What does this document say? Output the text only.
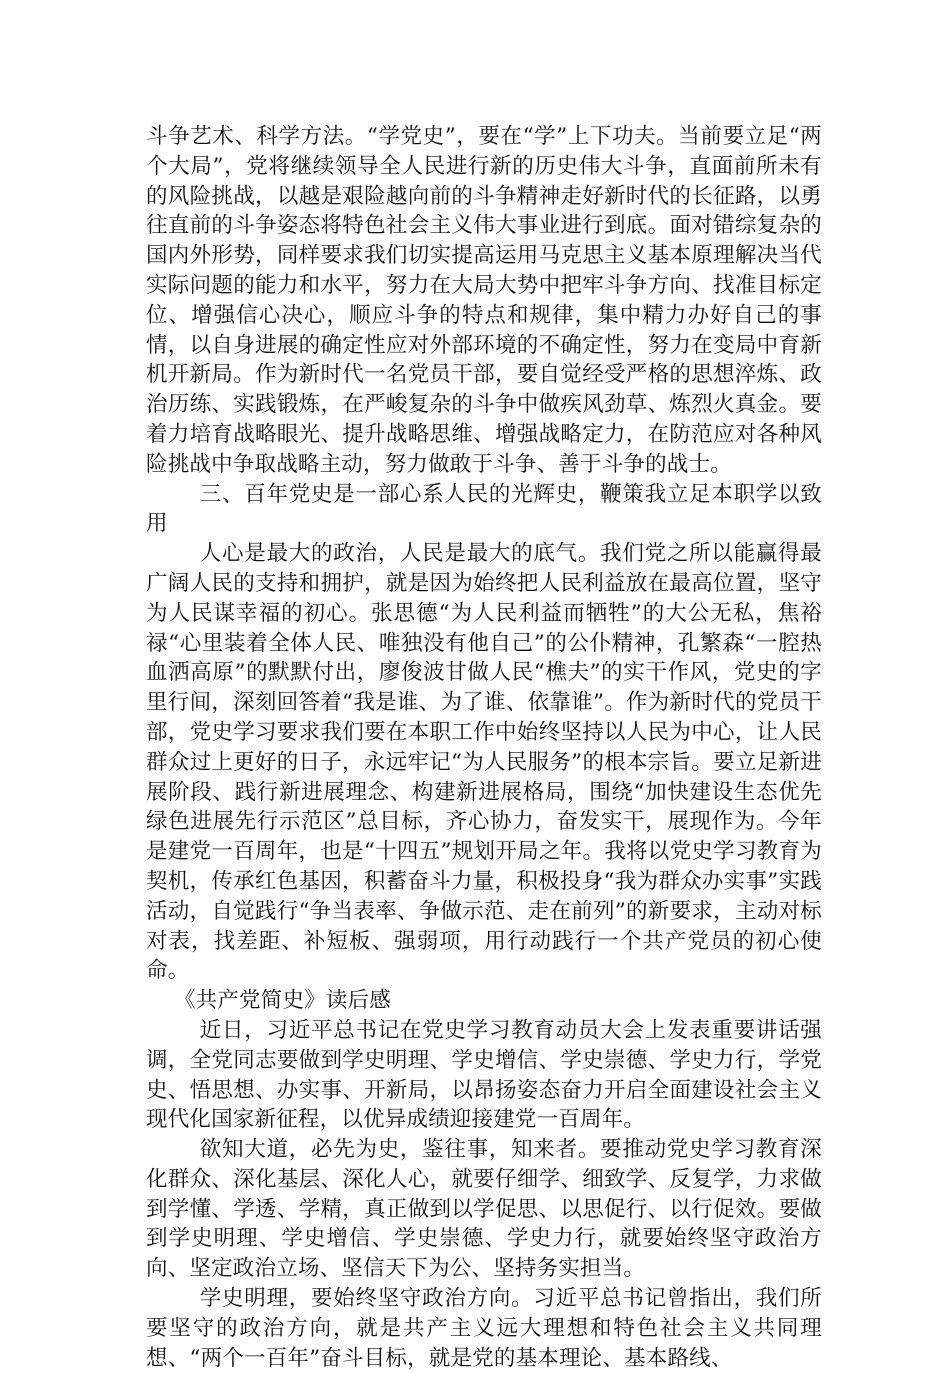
斗争艺术、科学方法。“学党史”，要在“学”上下功夫。当前要立足“两个大局”，党将继续领导全人民进行新的历史伟大斗争，直面前所未有的风险挑战，以越是艰险越向前的斗争精神走好新时代的长征路，以勇往直前的斗争姿态将特色社会主义伟大事业进行到底。面对错综复杂的国内外形势，同样要求我们切实提高运用马克思主义基本原理解决当代实际问题的能力和水平，努力在大局大势中把牢斗争方向、找准目标定位、增强信心决心，顺应斗争的特点和规律，集中精力办好自己的事情，以自身进展的确定性应对外部环境的不确定性，努力在变局中育新机开新局。作为新时代一名党员干部，要自觉经受严格的思想淬炼、政治历练、实践锻炼，在严峻复杂的斗争中做疾风劲草、炼烈火真金。要着力培育战略眼光、提升战略思维、增强战略定力，在防范应对各种风险挑战中争取战略主动，努力做敢于斗争、善于斗争的战士。

三、百年党史是一部心系人民的光辉史，鞭策我立足本职学以致用

人心是最大的政治，人民是最大的底气。我们党之所以能赢得最广阔人民的支持和拥护，就是因为始终把人民利益放在最高位置，坚守为人民谋幸福的初心。张思德“为人民利益而牺牲”的大公无私，焦裕禄“心里装着全体人民、唯独没有他自己”的公仆精神，孔繁森“一腔热血洒高原”的默默付出，廖俊波甘做人民“樵夫”的实干作风，党史的字里行间，深刻回答着“我是谁、为了谁、依靠谁”。作为新时代的党员干部，党史学习要求我们要在本职工作中始终坚持以人民为中心，让人民群众过上更好的日子，永远牢记“为人民服务”的根本宗旨。要立足新进展阶段、践行新进展理念、构建新进展格局，围绕“加快建设生态优先绿色进展先行示范区”总目标，齐心协力，奋发实干，展现作为。今年是建党一百周年，也是“十四五”规划开局之年。我将以党史学习教育为契机，传承红色基因，积蓄奋斗力量，积极投身“我为群众办实事”实践活动，自觉践行“争当表率、争做示范、走在前列”的新要求，主动对标对表，找差距、补短板、强弱项，用行动践行一个共产党员的初心使命。

《共产党简史》读后感

近日，习近平总书记在党史学习教育动员大会上发表重要讲话强调，全党同志要做到学史明理、学史增信、学史崇德、学史力行，学党史、悟思想、办实事、开新局，以昂扬姿态奋力开启全面建设社会主义现代化国家新征程，以优异成绩迎接建党一百周年。

欲知大道，必先为史，鉴往事，知来者。要推动党史学习教育深化群众、深化基层、深化人心，就要仔细学、细致学、反复学，力求做到学懂、学透、学精，真正做到以学促思、以思促行、以行促效。要做到学史明理、学史增信、学史崇德、学史力行，就要始终坚守政治方向、坚定政治立场、坚信天下为公、坚持务实担当。

学史明理，要始终坚守政治方向。习近平总书记曾指出，我们所要坚守的政治方向，就是共产主义远大理想和特色社会主义共同理想、“两个一百年”奋斗目标，就是党的基本理论、基本路线、
